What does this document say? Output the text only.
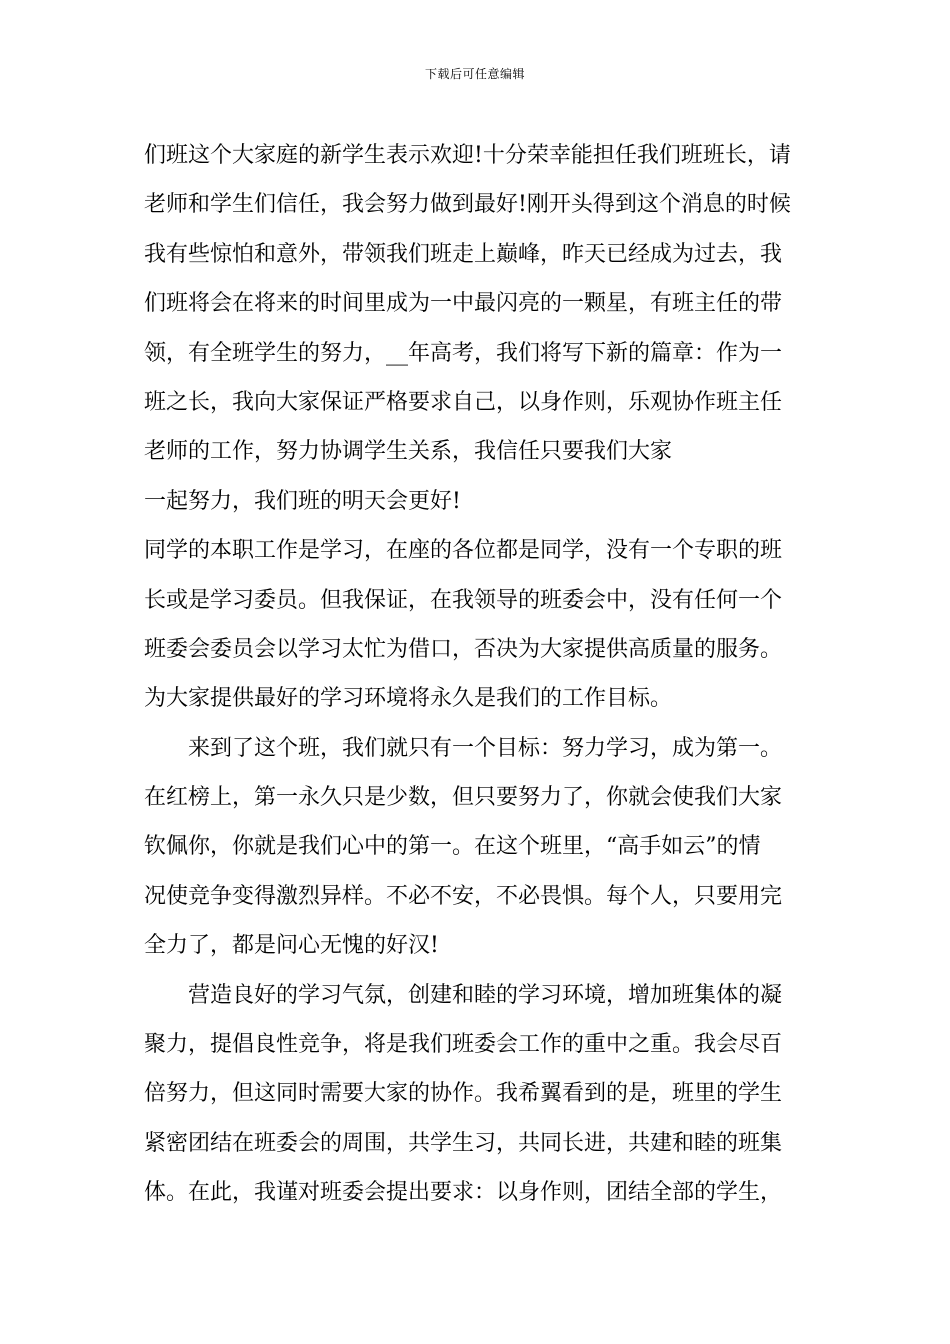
下载后可任意编辑
们班这个大家庭的新学生表示欢迎!十分荣幸能担任我们班班长，请
老师和学生们信任，我会努力做到最好!刚开头得到这个消息的时候
我有些惊怕和意外，带领我们班走上巅峰，昨天已经成为过去，我
们班将会在将来的时间里成为一中最闪亮的一颗星，有班主任的带
领，有全班学生的努力，__年高考，我们将写下新的篇章：作为一
班之长，我向大家保证严格要求自己，以身作则，乐观协作班主任
老师的工作，努力协调学生关系，我信任只要我们大家
一起努力，我们班的明天会更好!
同学的本职工作是学习，在座的各位都是同学，没有一个专职的班
长或是学习委员。但我保证，在我领导的班委会中，没有任何一个
班委会委员会以学习太忙为借口，否决为大家提供高质量的服务。
为大家提供最好的学习环境将永久是我们的工作目标。
来到了这个班，我们就只有一个目标：努力学习，成为第一。
在红榜上，第一永久只是少数，但只要努力了，你就会使我们大家
钦佩你，你就是我们心中的第一。在这个班里，“高手如云”的情
况使竞争变得激烈异样。不必不安，不必畏惧。每个人，只要用完
全力了，都是问心无愧的好汉!
营造良好的学习气氛，创建和睦的学习环境，增加班集体的凝
聚力，提倡良性竞争，将是我们班委会工作的重中之重。我会尽百
倍努力，但这同时需要大家的协作。我希翼看到的是，班里的学生
紧密团结在班委会的周围，共学生习，共同长进，共建和睦的班集
体。在此，我谨对班委会提出要求：以身作则，团结全部的学生，
